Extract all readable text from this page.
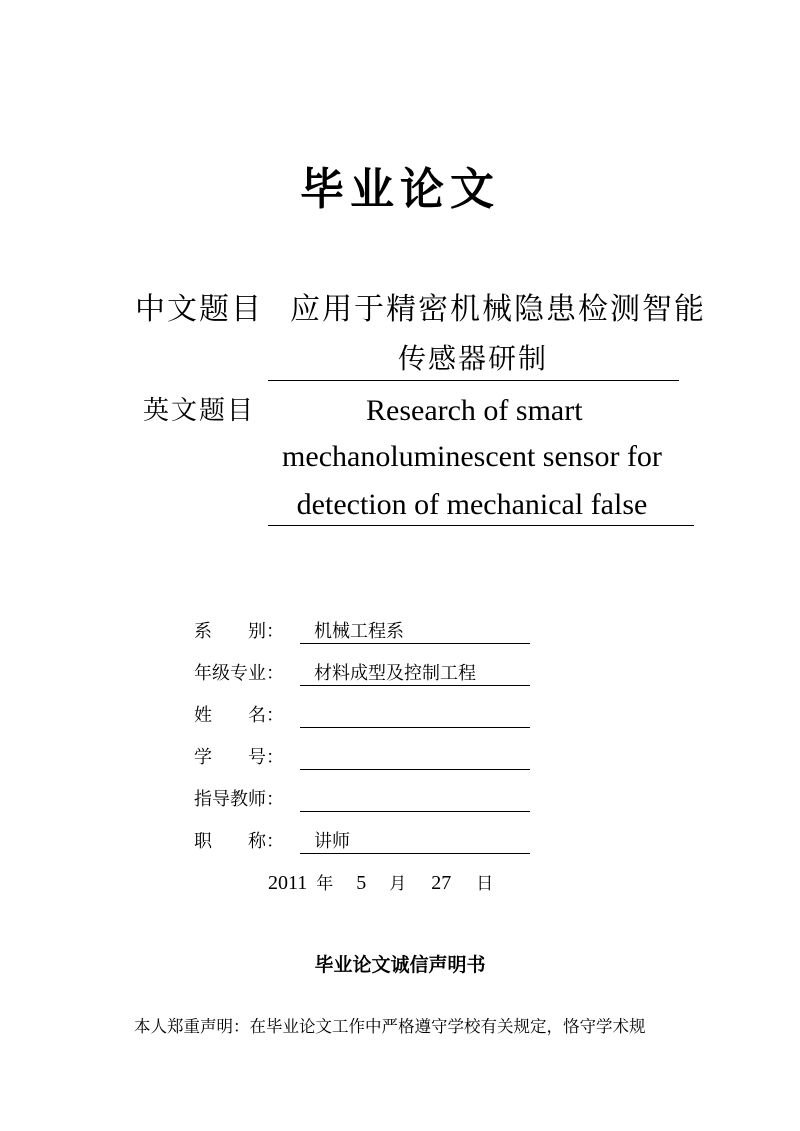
毕业论文
中文题目 应用于精密机械隐患检测智能
传感器研制
英文题目	Research of smart
mechanoluminescent sensor for
detection of mechanical false
系　　别：	机械工程系
年级专业：	材料成型及控制工程
姓　　名：
学　　号：
指导教师：
职　　称：	讲师
2011 年 5 月 27 日
毕业论文诚信声明书
本人郑重声明：在毕业论文工作中严格遵守学校有关规定，恪守学术规
